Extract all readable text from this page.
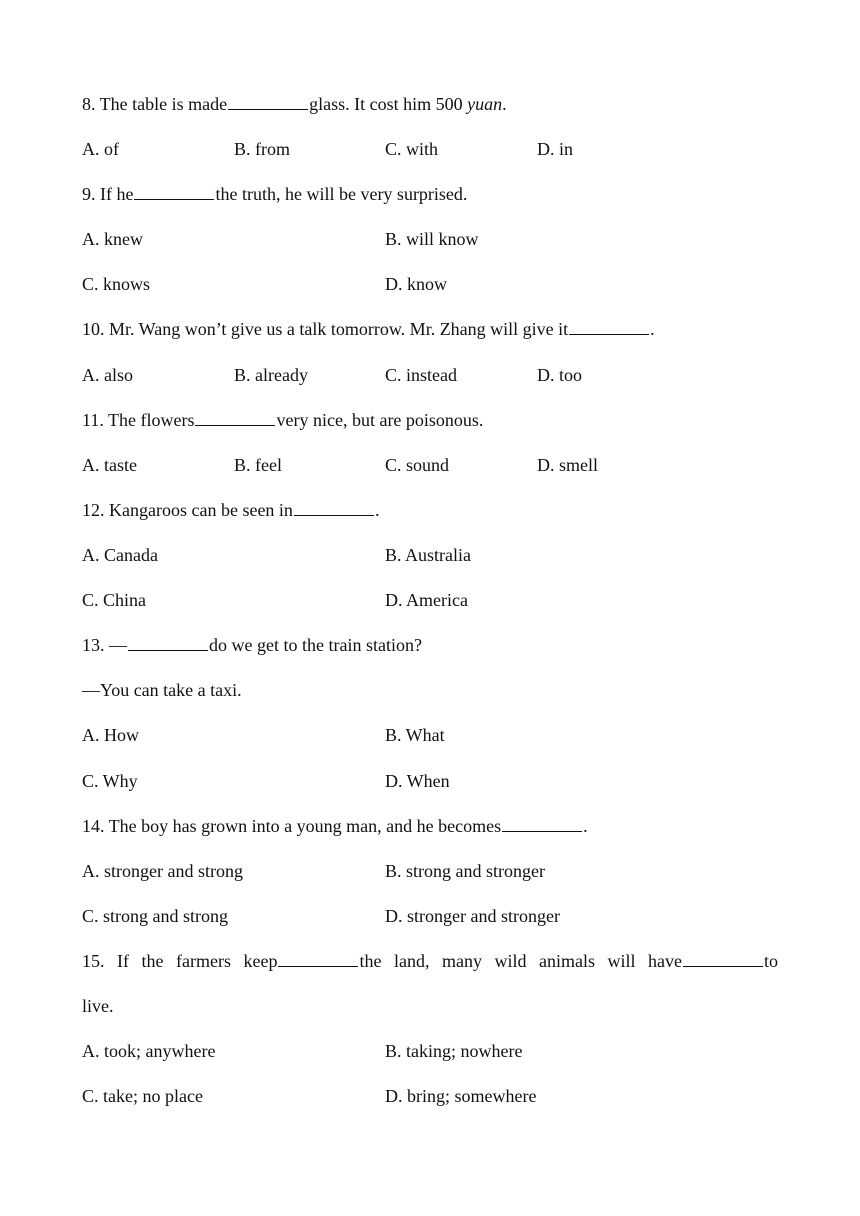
8. The table is made	glass. It cost him 500 yuan.
A. of	B. from	C. with	D. in
9. If he	the truth, he will be very surprised.
A. knew	B. will know
C. knows	D. know
10. Mr. Wang won’t give us a talk tomorrow. Mr. Zhang will give it	.
A. also	B. already	C. instead	D. too
11. The flowers	very nice, but are poisonous.
A. taste	B. feel	C. sound	D. smell
12. Kangaroos can be seen in	.
A. Canada	B. Australia
C. China	D. America
13. —	do we get to the train station?
—You can take a taxi.
A. How	B. What
C. Why	D. When
14. The boy has grown into a young man, and he becomes	.
A. stronger and strong	B. strong and stronger
C. strong and strong	D. stronger and stronger
15. If the farmers keep	the land, many wild animals will have	to
live.
A. took; anywhere	B. taking; nowhere
C. take; no place	D. bring; somewhere
